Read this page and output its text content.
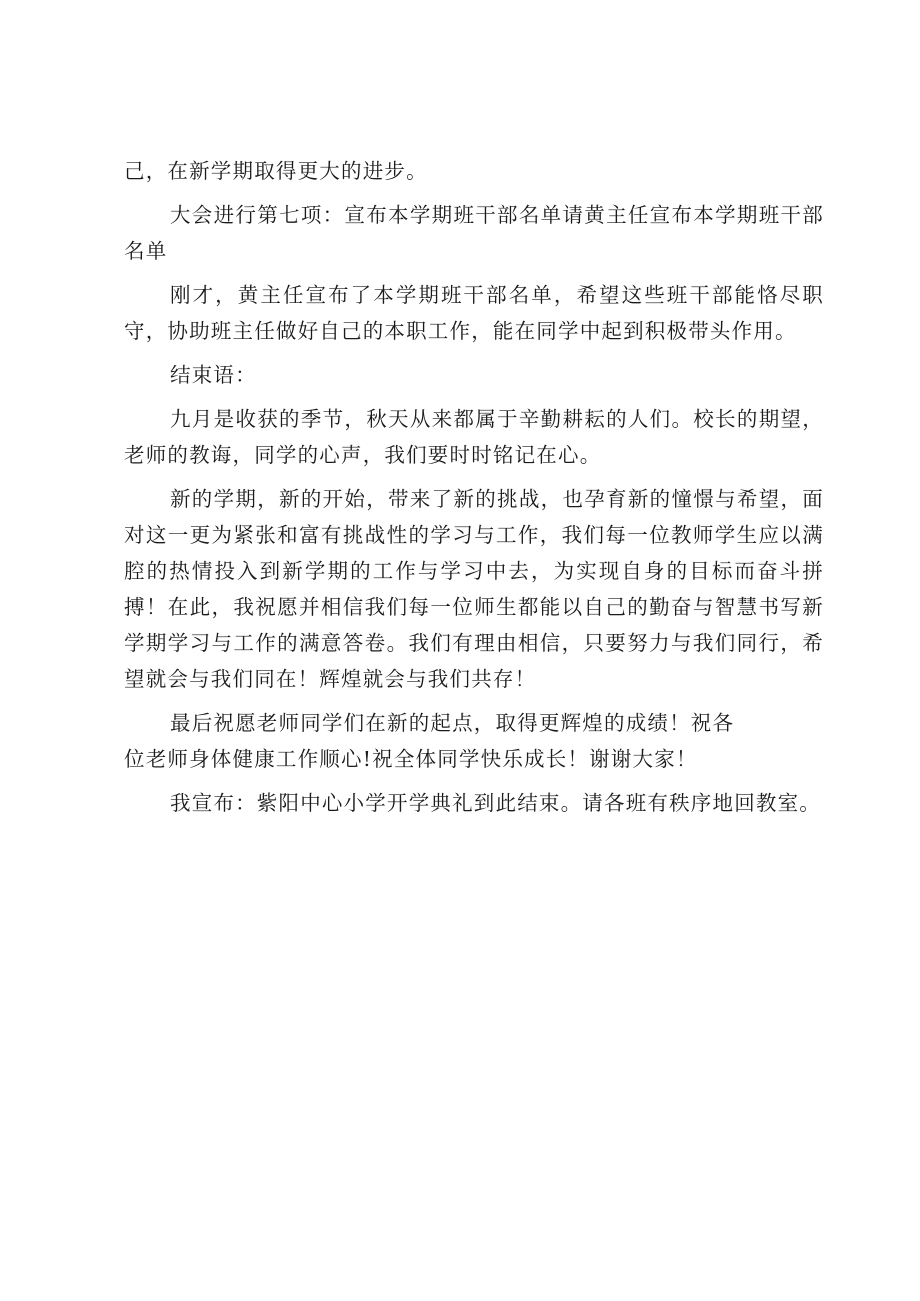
己，在新学期取得更大的进步。

大会进行第七项：宣布本学期班干部名单请黄主任宣布本学期班干部名单

刚才，黄主任宣布了本学期班干部名单，希望这些班干部能恪尽职守，协助班主任做好自己的本职工作，能在同学中起到积极带头作用。

结束语：

九月是收获的季节，秋天从来都属于辛勤耕耘的人们。校长的期望，老师的教诲，同学的心声，我们要时时铭记在心。

新的学期，新的开始，带来了新的挑战，也孕育新的憧憬与希望，面对这一更为紧张和富有挑战性的学习与工作，我们每一位教师学生应以满腔的热情投入到新学期的工作与学习中去，为实现自身的目标而奋斗拼搏！在此，我祝愿并相信我们每一位师生都能以自己的勤奋与智慧书写新学期学习与工作的满意答卷。我们有理由相信，只要努力与我们同行，希望就会与我们同在！辉煌就会与我们共存！

最后祝愿老师同学们在新的起点，取得更辉煌的成绩！祝各

位老师身体健康工作顺心!祝全体同学快乐成长！谢谢大家！

我宣布：紫阳中心小学开学典礼到此结束。请各班有秩序地回教室。
